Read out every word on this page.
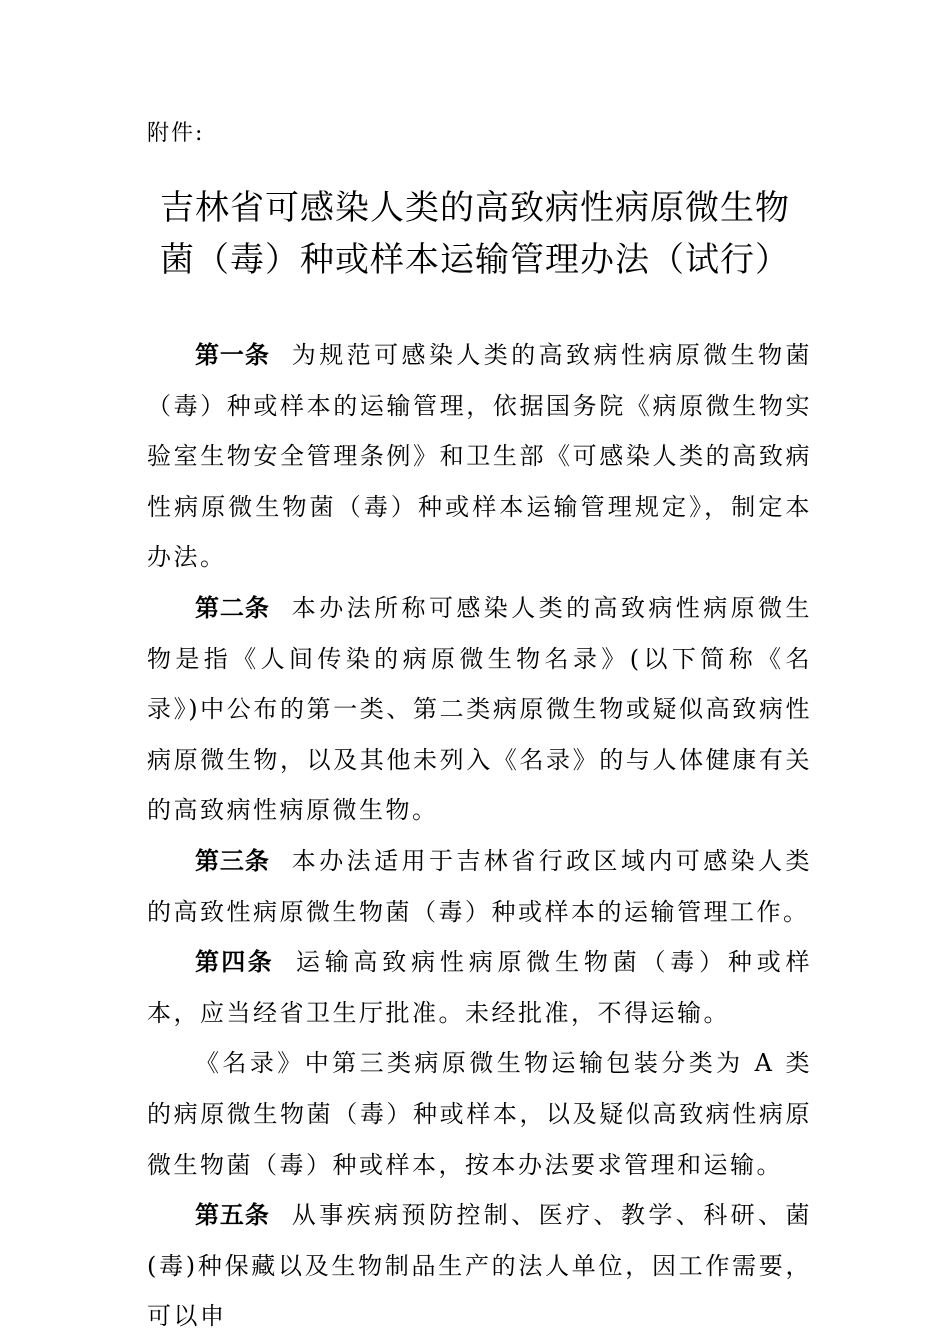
附件:
吉林省可感染人类的高致病性病原微生物
菌（毒）种或样本运输管理办法（试行）

第一条 为规范可感染人类的高致病性病原微生物菌（毒）种或样本的运输管理，依据国务院《病原微生物实验室生物安全管理条例》和卫生部《可感染人类的高致病性病原微生物菌（毒）种或样本运输管理规定》，制定本办法。

第二条 本办法所称可感染人类的高致病性病原微生物是指《人间传染的病原微生物名录》(以下简称《名录》)中公布的第一类、第二类病原微生物或疑似高致病性病原微生物，以及其他未列入《名录》的与人体健康有关的高致病性病原微生物。

第三条 本办法适用于吉林省行政区域内可感染人类的高致性病原微生物菌（毒）种或样本的运输管理工作。

第四条 运输高致病性病原微生物菌（毒）种或样本，应当经省卫生厅批准。未经批准，不得运输。

《名录》中第三类病原微生物运输包装分类为 A 类的病原微生物菌（毒）种或样本，以及疑似高致病性病原微生物菌（毒）种或样本，按本办法要求管理和运输。

第五条 从事疾病预防控制、医疗、教学、科研、菌(毒)种保藏以及生物制品生产的法人单位，因工作需要，可以申
